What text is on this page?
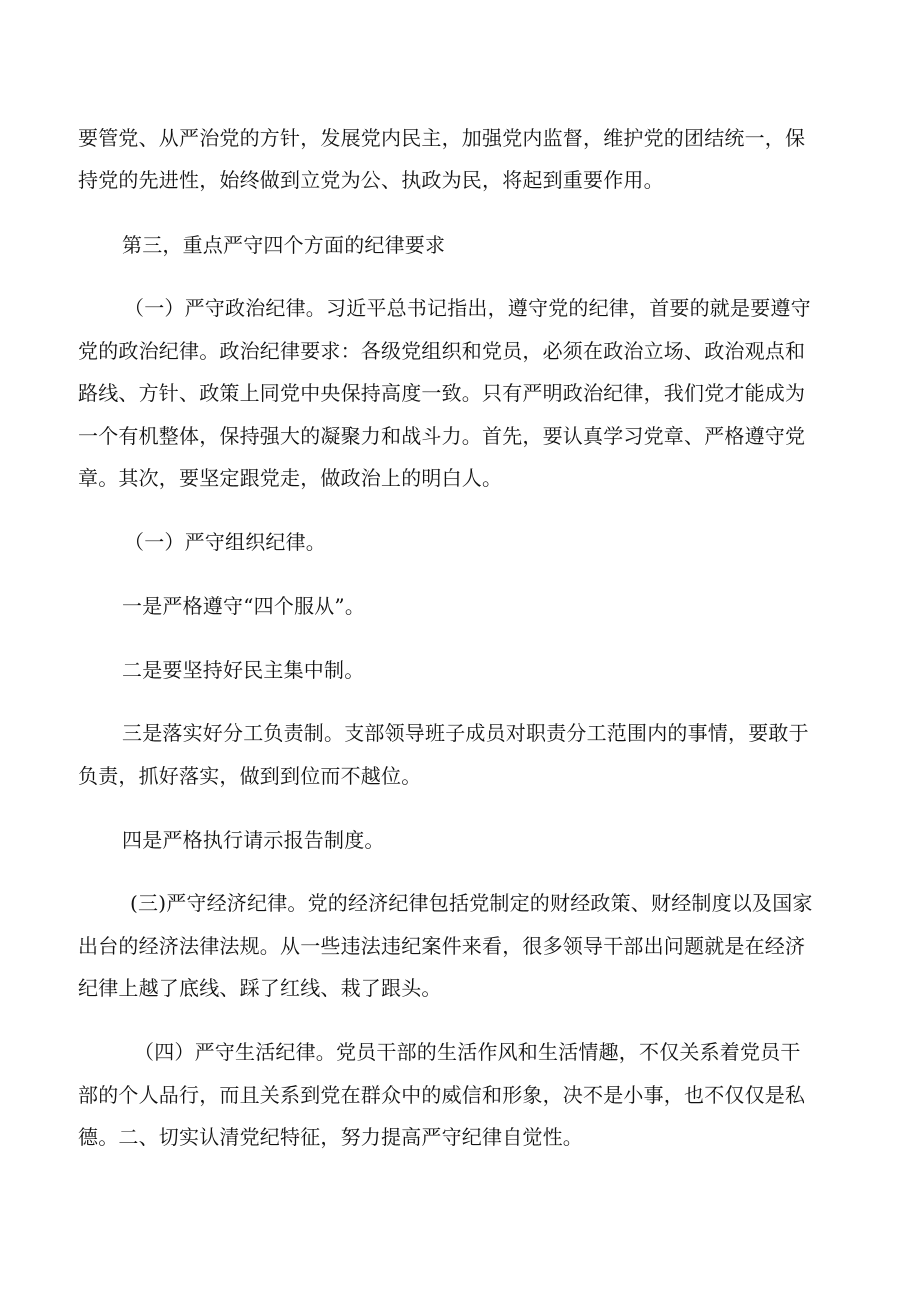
要管党、从严治党的方针，发展党内民主，加强党内监督，维护党的团结统一，保
持党的先进性，始终做到立党为公、执政为民，将起到重要作用。
第三，重点严守四个方面的纪律要求
（一）严守政治纪律。习近平总书记指出，遵守党的纪律，首要的就是要遵守
党的政治纪律。政治纪律要求：各级党组织和党员，必须在政治立场、政治观点和
路线、方针、政策上同党中央保持高度一致。只有严明政治纪律，我们党才能成为
一个有机整体，保持强大的凝聚力和战斗力。首先，要认真学习党章、严格遵守党
章。其次，要坚定跟党走，做政治上的明白人。
（一）严守组织纪律。
一是严格遵守“四个服从”。
二是要坚持好民主集中制。
三是落实好分工负责制。支部领导班子成员对职责分工范围内的事情，要敢于
负责，抓好落实，做到到位而不越位。
四是严格执行请示报告制度。
(三)严守经济纪律。党的经济纪律包括党制定的财经政策、财经制度以及国家
出台的经济法律法规。从一些违法违纪案件来看，很多领导干部出问题就是在经济
纪律上越了底线、踩了红线、栽了跟头。
（四）严守生活纪律。党员干部的生活作风和生活情趣，不仅关系着党员干
部的个人品行，而且关系到党在群众中的威信和形象，决不是小事，也不仅仅是私
德。二、切实认清党纪特征，努力提高严守纪律自觉性。
